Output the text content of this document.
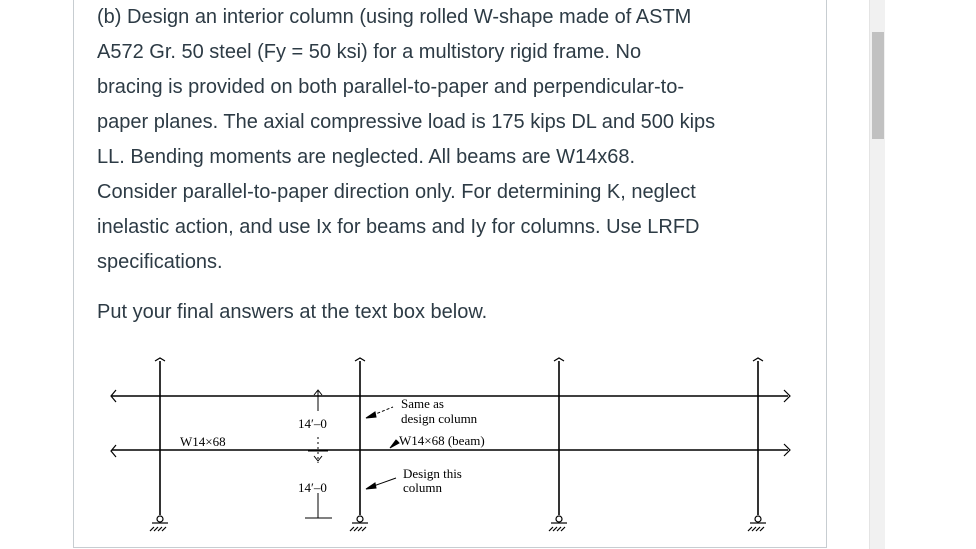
(b) Design an interior column (using rolled W-shape made of ASTM
A572 Gr. 50 steel (Fy = 50 ksi) for a multistory rigid frame. No
bracing is provided on both parallel-to-paper and perpendicular-to-
paper planes. The axial compressive load is 175 kips DL and 500 kips
LL. Bending moments are neglected. All beams are W14x68.
Consider parallel-to-paper direction only. For determining K, neglect
inelastic action, and use Ix for beams and Iy for columns. Use LRFD
specifications.

Put your final answers at the text box below.

W14×68
14′–0
14′–0
Same as
design column
W14×68 (beam)
Design this
column
